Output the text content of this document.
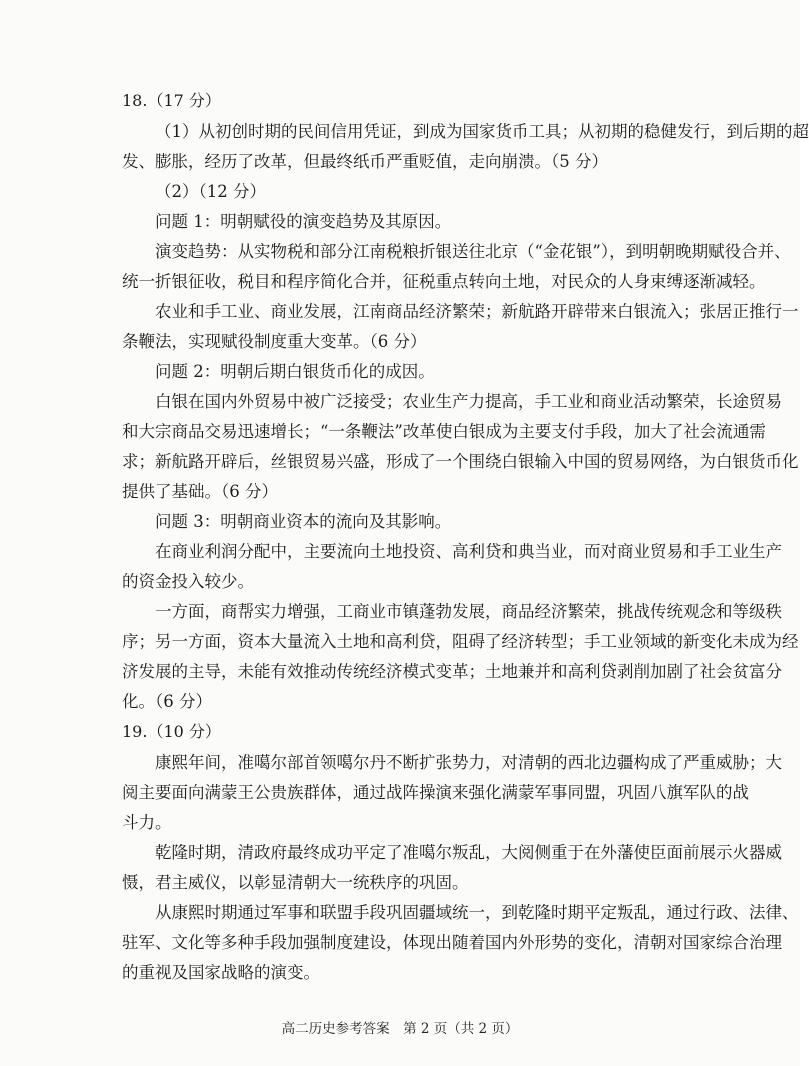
18.（17 分）

（1）从初创时期的民间信用凭证，到成为国家货币工具；从初期的稳健发行，到后期的超

发、膨胀，经历了改革，但最终纸币严重贬值，走向崩溃。（5 分）

（2）（12 分）

问题 1：明朝赋役的演变趋势及其原因。

演变趋势：从实物税和部分江南税粮折银送往北京（“金花银”），到明朝晚期赋役合并、

统一折银征收，税目和程序简化合并，征税重点转向土地，对民众的人身束缚逐渐减轻。

农业和手工业、商业发展，江南商品经济繁荣；新航路开辟带来白银流入；张居正推行一

条鞭法，实现赋役制度重大变革。（6 分）

问题 2：明朝后期白银货币化的成因。

白银在国内外贸易中被广泛接受；农业生产力提高，手工业和商业活动繁荣，长途贸易

和大宗商品交易迅速增长；“一条鞭法”改革使白银成为主要支付手段，加大了社会流通需

求；新航路开辟后，丝银贸易兴盛，形成了一个围绕白银输入中国的贸易网络，为白银货币化

提供了基础。（6 分）

问题 3：明朝商业资本的流向及其影响。

在商业利润分配中，主要流向土地投资、高利贷和典当业，而对商业贸易和手工业生产

的资金投入较少。

一方面，商帮实力增强，工商业市镇蓬勃发展，商品经济繁荣，挑战传统观念和等级秩

序；另一方面，资本大量流入土地和高利贷，阻碍了经济转型；手工业领域的新变化未成为经

济发展的主导，未能有效推动传统经济模式变革；土地兼并和高利贷剥削加剧了社会贫富分

化。（6 分）

19.（10 分）

康熙年间，准噶尔部首领噶尔丹不断扩张势力，对清朝的西北边疆构成了严重威胁；大

阅主要面向满蒙王公贵族群体，通过战阵操演来强化满蒙军事同盟，巩固八旗军队的战

斗力。

乾隆时期，清政府最终成功平定了准噶尔叛乱，大阅侧重于在外藩使臣面前展示火器威

慑，君主威仪，以彰显清朝大一统秩序的巩固。

从康熙时期通过军事和联盟手段巩固疆域统一，到乾隆时期平定叛乱，通过行政、法律、

驻军、文化等多种手段加强制度建设，体现出随着国内外形势的变化，清朝对国家综合治理

的重视及国家战略的演变。

高二历史参考答案　第 2 页（共 2 页）
